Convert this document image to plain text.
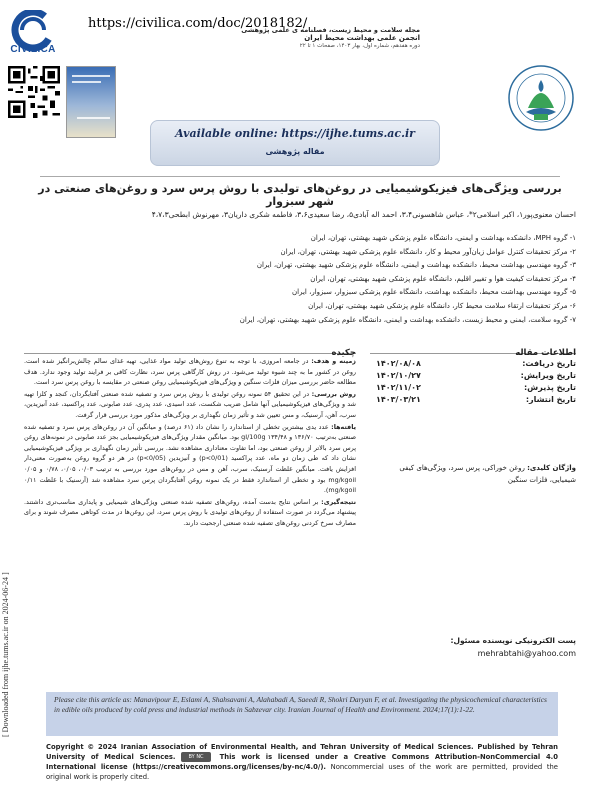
CIVILICA
https://civilica.com/doc/2018182/
مجله سلامت و محیط زیست، فصلنامه ی علمی پژوهشی
انجمن علمی بهداشت محیط ایران
دوره هفدهم، شماره اول، بهار ۱۴۰۳، صفحات ۱ تا ۲۲
Available online: https://ijhe.tums.ac.ir
مقاله پژوهشی
بررسی ویژگی‌های فیزیکوشیمیایی در روغن‌های تولیدی با روش پرس سرد و روغن‌های صنعتی در شهر سبزوار
احسان معنوی‌پور۱، اکبر اسلامی۲*، عباس شاهسونی۳،۴، احمد اله آبادی۵، رضا سعیدی۳،۶، فاطمه شکری داریان۳، مهرنوش ابطحی۴،۷،۳
۱- گروه MPH، دانشکده بهداشت و ایمنی، دانشگاه علوم پزشکی شهید بهشتی، تهران، ایران
۲- مرکز تحقیقات کنترل عوامل زیان‌آور محیط و کار، دانشگاه علوم پزشکی شهید بهشتی، تهران، ایران
۳- گروه مهندسی بهداشت محیط، دانشکده بهداشت و ایمنی، دانشگاه علوم پزشکی شهید بهشتی، تهران، ایران
۴- مرکز تحقیقات کیفیت هوا و تغییر اقلیم، دانشگاه علوم پزشکی شهید بهشتی، تهران، ایران
۵- گروه مهندسی بهداشت محیط، دانشکده بهداشت، دانشگاه علوم پزشکی سبزوار، سبزوار، ایران
۶- مرکز تحقیقات ارتقاء سلامت محیط کار، دانشگاه علوم پزشکی شهید بهشتی، تهران، ایران
۷- گروه سلامت، ایمنی و محیط زیست، دانشکده بهداشت و ایمنی، دانشگاه علوم پزشکی شهید بهشتی، تهران، ایران
اطلاعات مقاله
چکیده
تاریخ دریافت:
۱۴۰۲/۰۸/۰۸
تاریخ ویرایش:
۱۴۰۲/۱۰/۲۷
تاریخ پذیرش:
۱۴۰۲/۱۱/۰۲
تاریخ انتشار:
۱۴۰۳/۰۳/۲۱
واژگان کلیدی: روغن خوراکی، پرس سرد، ویژگی‌های کیفی شیمیایی، فلزات سنگین
پست الکترونیکی نویسنده مسئول:
mehrabtahi@yahoo.com

زمینه و هدف: در جامعه امروزی، با توجه به تنوع روش‌های تولید مواد غذایی، تهیه غذای سالم چالش‌برانگیز شده است. روغن در کشور ما به چند شیوه تولید می‌شود. در روش کارگاهی پرس سرد، نظارت کافی بر فرایند تولید وجود ندارد. هدف مطالعه حاضر بررسی میزان فلزات سنگین و ویژگی‌های فیزیکوشیمیایی روغن صنعتی در مقایسه با روغن پرس سرد است.

روش بررسی: در این تحقیق ۵۴ نمونه روغن تولیدی با روش پرس سرد و تصفیه شده صنعتی آفتابگردان، کنجد و کلزا تهیه شد و ویژگی‌های فیزیکوشیمیایی آنها شامل ضریب شکست، عدد اسیدی، عدد پدری، عدد صابونی، عدد پراکسید، عدد آنیزیدین، سرب، آهن، آرسنیک، و مس تعیین شد و تأثیر زمان نگهداری بر ویژگی‌های مذکور مورد بررسی قرار گرفت.

یافته‌ها: عدد یدی بیشترین تخطی از استاندارد را نشان داد (۶۱ درصد) و میانگین آن در روغن‌های پرس سرد و تصفیه شده صنعتی به‌ترتیب ۱۳۶/۷۰ و ۱۳۴/۴۸ gI/100g بود. میانگین مقدار ویژگی‌های فیزیکوشیمیایی بجز عدد صابونی در نمونه‌های روغن پرس سرد بالاتر از روغن صنعتی بود، اما تفاوت معناداری مشاهده نشد. بررسی تأثیر زمان نگهداری بر ویژگی فیزیکوشیمیایی نشان داد که طی زمان دو ماه، عدد پراکسید (p<0/01) و آنیزیدین (p<0/05) در هر دو گروه روغن به‌صورت معنی‌دار افزایش یافت. میانگین غلظت آرسنیک، سرب، آهن و مس در روغن‌های مورد بررسی به ترتیب ۰/۰۳، ۰/۰۵، ۰/۷۸ و ۰/۰۵ mg/kgoil بود و تخطی از استاندارد فقط در یک نمونه روغن آفتابگردان پرس سرد مشاهده شد (آرسنیک با غلظت ۰/۱۱ mg/kgoil).

نتیجه‌گیری: بر اساس نتایج بدست آمده، روغن‌های تصفیه شده صنعتی ویژگی‌های شیمیایی و پایداری مناسب‌تری داشتند. پیشنهاد می‌گردد در صورت استفاده از روغن‌های تولیدی با روش پرس سرد، این روغن‌ها در مدت کوتاهی مصرف شوند و برای مصارف سرخ کردنی روغن‌های تصفیه شده صنعتی ارجحیت دارند.

Please cite this article as: Manavipour E, Eslami A, Shahsavani A, Alahabadi A, Saeedi R, Shokri Daryan F, et al. Investigating the physicochemical characteristics in edible oils produced by cold press and industrial methods in Sabzevar city. Iranian Journal of Health and Environment. 2024;17(1):1-22.
Copyright © 2024 Iranian Association of Environmental Health, and Tehran University of Medical Sciences. Published by Tehran University of Medical Sciences.	BY NC This work is licensed under a Creative Commons Attribution-NonCommercial 4.0 International license (https://creativecommons.org/licenses/by-nc/4.0/). Noncommercial uses of the work are permitted, provided the original work is properly cited.
[ Downloaded from ijhe.tums.ac.ir on 2024-06-24 ]
